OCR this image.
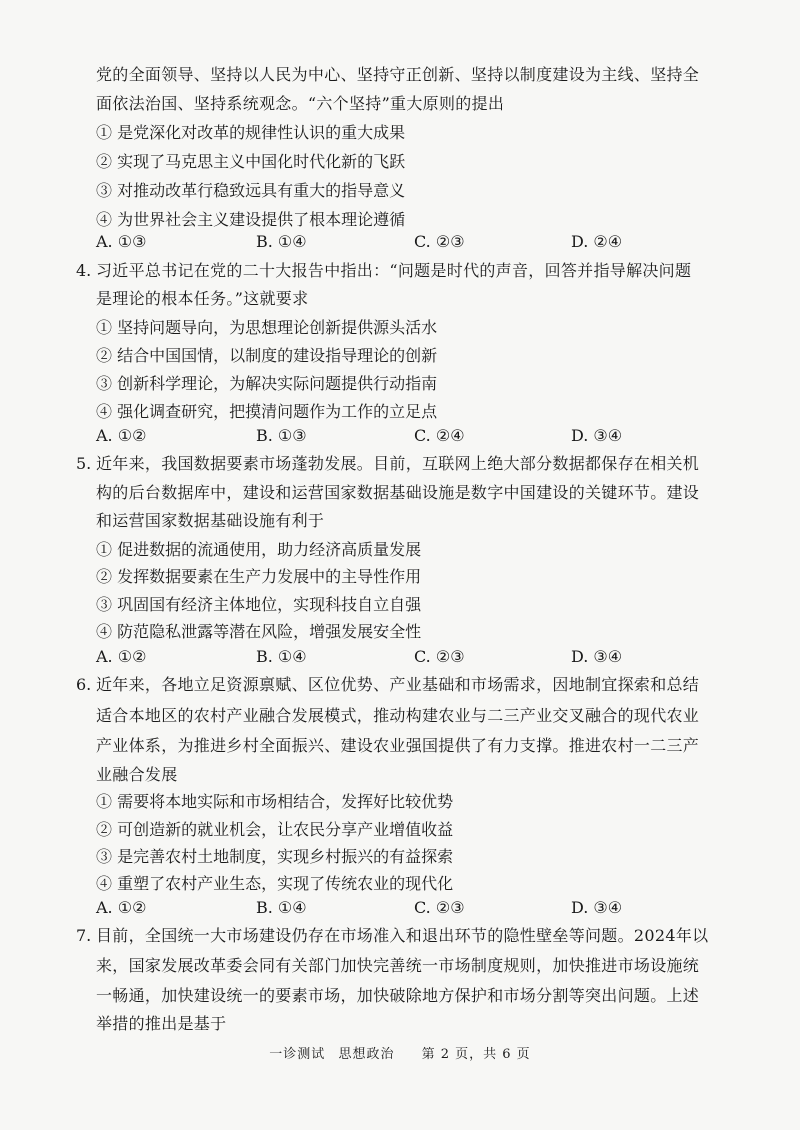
党的全面领导、坚持以人民为中心、坚持守正创新、坚持以制度建设为主线、坚持全
面依法治国、坚持系统观念。“六个坚持”重大原则的提出
① 是党深化对改革的规律性认识的重大成果
② 实现了马克思主义中国化时代化新的飞跃
③ 对推动改革行稳致远具有重大的指导意义
④ 为世界社会主义建设提供了根本理论遵循
A. ①③	B. ①④	C. ②③	D. ②④
4. 习近平总书记在党的二十大报告中指出：“问题是时代的声音，回答并指导解决问题
是理论的根本任务。”这就要求
① 坚持问题导向，为思想理论创新提供源头活水
② 结合中国国情，以制度的建设指导理论的创新
③ 创新科学理论，为解决实际问题提供行动指南
④ 强化调查研究，把摸清问题作为工作的立足点
A. ①②	B. ①③	C. ②④	D. ③④
5. 近年来，我国数据要素市场蓬勃发展。目前，互联网上绝大部分数据都保存在相关机
构的后台数据库中，建设和运营国家数据基础设施是数字中国建设的关键环节。建设
和运营国家数据基础设施有利于
① 促进数据的流通使用，助力经济高质量发展
② 发挥数据要素在生产力发展中的主导性作用
③ 巩固国有经济主体地位，实现科技自立自强
④ 防范隐私泄露等潜在风险，增强发展安全性
A. ①②	B. ①④	C. ②③	D. ③④
6. 近年来，各地立足资源禀赋、区位优势、产业基础和市场需求，因地制宜探索和总结
适合本地区的农村产业融合发展模式，推动构建农业与二三产业交叉融合的现代农业
产业体系，为推进乡村全面振兴、建设农业强国提供了有力支撑。推进农村一二三产
业融合发展
① 需要将本地实际和市场相结合，发挥好比较优势
② 可创造新的就业机会，让农民分享产业增值收益
③ 是完善农村土地制度，实现乡村振兴的有益探索
④ 重塑了农村产业生态，实现了传统农业的现代化
A. ①②	B. ①④	C. ②③	D. ③④
7. 目前，全国统一大市场建设仍存在市场准入和退出环节的隐性壁垒等问题。2024年以
来，国家发展改革委会同有关部门加快完善统一市场制度规则，加快推进市场设施统
一畅通，加快建设统一的要素市场，加快破除地方保护和市场分割等突出问题。上述
举措的推出是基于
一诊测试 思想政治 第 2 页，共 6 页
